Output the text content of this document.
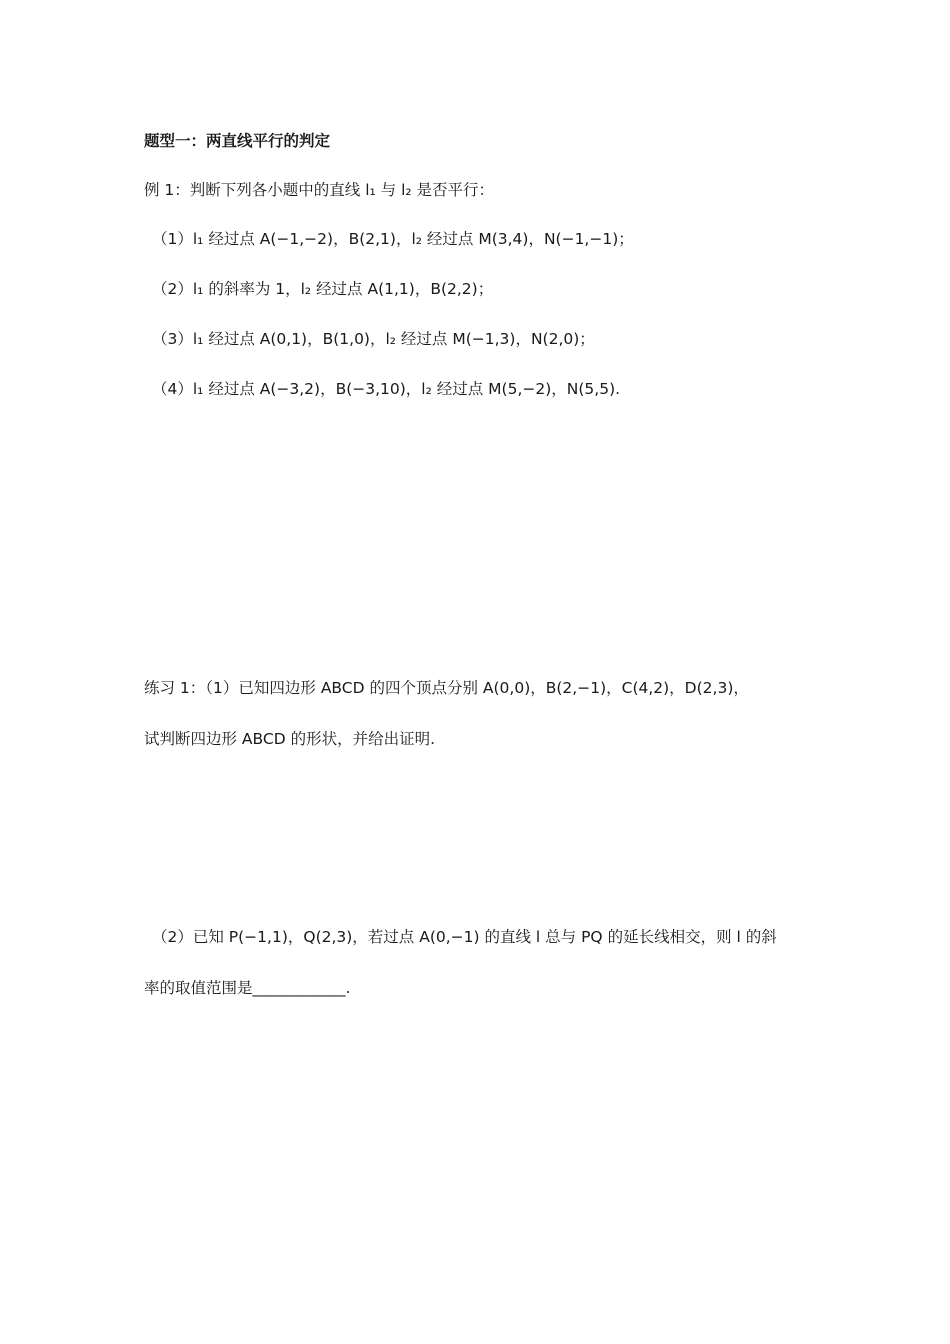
题型一：两直线平行的判定
例 1：判断下列各小题中的直线 l₁ 与 l₂ 是否平行：
（1）l₁ 经过点 A(−1,−2)，B(2,1)，l₂ 经过点 M(3,4)，N(−1,−1)；
（2）l₁ 的斜率为 1，l₂ 经过点 A(1,1)，B(2,2)；
（3）l₁ 经过点 A(0,1)，B(1,0)，l₂ 经过点 M(−1,3)，N(2,0)；
（4）l₁ 经过点 A(−3,2)，B(−3,10)，l₂ 经过点 M(5,−2)，N(5,5).
练习 1：（1）已知四边形 ABCD 的四个顶点分别 A(0,0)，B(2,−1)，C(4,2)，D(2,3)，
试判断四边形 ABCD 的形状，并给出证明.
（2）已知 P(−1,1)，Q(2,3)，若过点 A(0,−1) 的直线 l 总与 PQ 的延长线相交，则 l 的斜
率的取值范围是____________.
